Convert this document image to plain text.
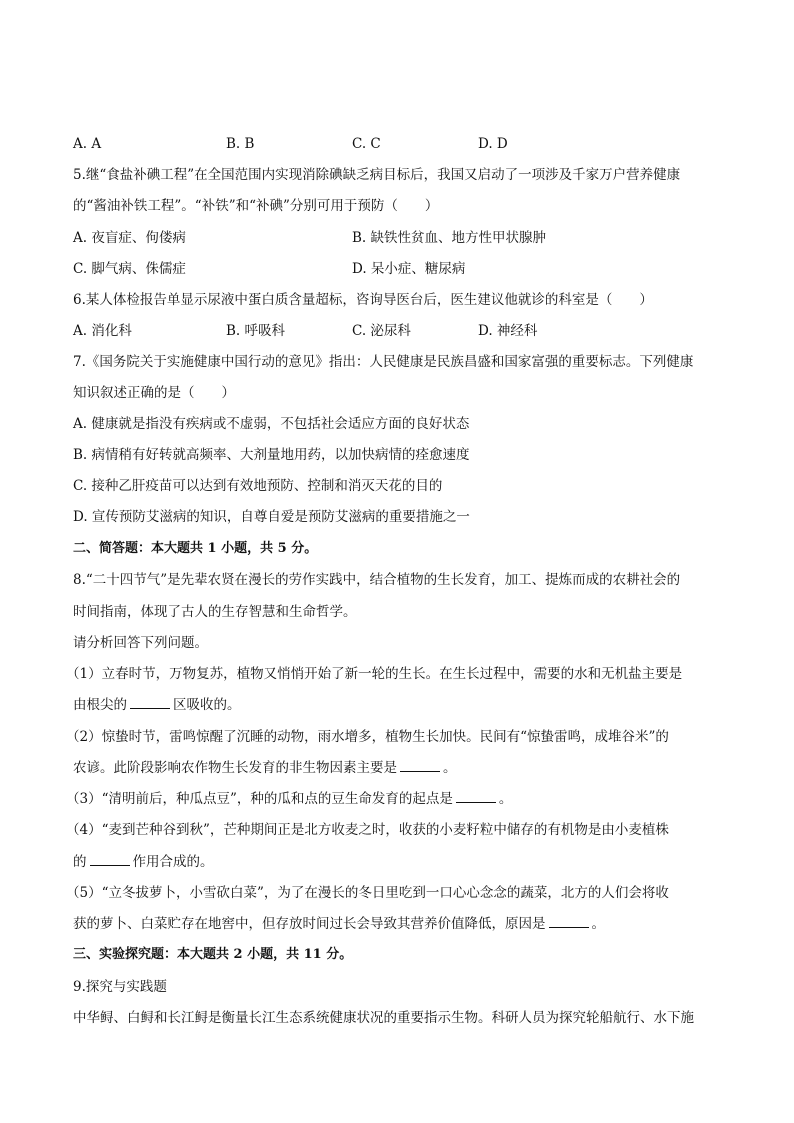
A. A	B. B	C. C	D. D
5.继“食盐补碘工程”在全国范围内实现消除碘缺乏病目标后，我国又启动了一项涉及千家万户营养健康
的“酱油补铁工程”。“补铁”和“补碘”分别可用于预防（　　）
A. 夜盲症、佝偻病	B. 缺铁性贫血、地方性甲状腺肿
C. 脚气病、侏儒症	D. 呆小症、糖尿病
6.某人体检报告单显示尿液中蛋白质含量超标，咨询导医台后，医生建议他就诊的科室是（　　）
A. 消化科	B. 呼吸科	C. 泌尿科	D. 神经科
7.《国务院关于实施健康中国行动的意见》指出：人民健康是民族昌盛和国家富强的重要标志。下列健康
知识叙述正确的是（　　）
A. 健康就是指没有疾病或不虚弱，不包括社会适应方面的良好状态
B. 病情稍有好转就高频率、大剂量地用药，以加快病情的痊愈速度
C. 接种乙肝疫苗可以达到有效地预防、控制和消灭天花的目的
D. 宣传预防艾滋病的知识，自尊自爱是预防艾滋病的重要措施之一
二、简答题：本大题共 1 小题，共 5 分。
8.“二十四节气”是先辈农贤在漫长的劳作实践中，结合植物的生长发育，加工、提炼而成的农耕社会的
时间指南，体现了古人的生存智慧和生命哲学。
请分析回答下列问题。
（1）立春时节，万物复苏，植物又悄悄开始了新一轮的生长。在生长过程中，需要的水和无机盐主要是
由根尖的	区吸收的。
（2）惊蛰时节，雷鸣惊醒了沉睡的动物，雨水增多，植物生长加快。民间有“惊蛰雷鸣，成堆谷米”的
农谚。此阶段影响农作物生长发育的非生物因素主要是	。
（3）“清明前后，种瓜点豆”，种的瓜和点的豆生命发育的起点是	。
（4）“麦到芒种谷到秋”，芒种期间正是北方收麦之时，收获的小麦籽粒中储存的有机物是由小麦植株
的	作用合成的。
（5）“立冬拔萝卜，小雪砍白菜”，为了在漫长的冬日里吃到一口心心念念的蔬菜，北方的人们会将收
获的萝卜、白菜贮存在地窖中，但存放时间过长会导致其营养价值降低，原因是	。
三、实验探究题：本大题共 2 小题，共 11 分。
9.探究与实践题
中华鲟、白鲟和长江鲟是衡量长江生态系统健康状况的重要指示生物。科研人员为探究轮船航行、水下施
